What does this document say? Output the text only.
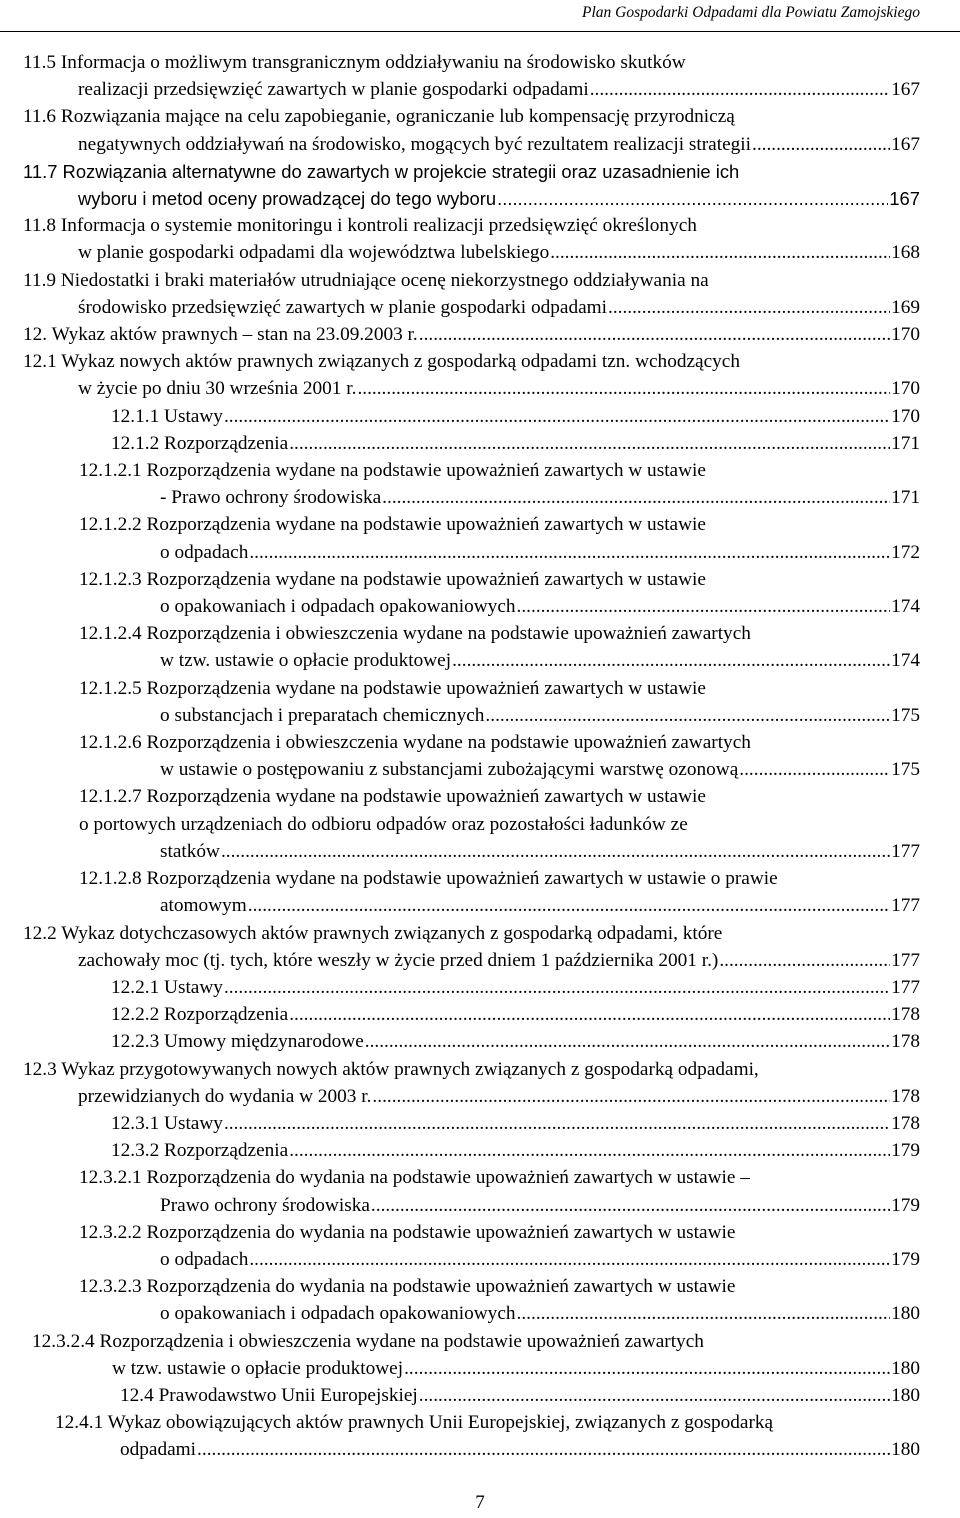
Plan Gospodarki Odpadami dla Powiatu Zamojskiego
11.5 Informacja o możliwym transgranicznym oddziaływaniu na środowisko skutków
realizacji przedsięwzięć zawartych w planie gospodarki odpadami .....	167
11.6 Rozwiązania mające na celu zapobieganie, ograniczanie lub kompensację przyrodniczą
negatywnych oddziaływań na środowisko, mogących być rezultatem realizacji strategii .....	167
11.7 Rozwiązania alternatywne do zawartych w projekcie strategii oraz uzasadnienie ich
wyboru i metod oceny prowadzącej do tego wyboru .....	167
11.8 Informacja o systemie monitoringu i kontroli realizacji przedsięwzięć określonych
w planie gospodarki odpadami dla województwa lubelskiego .....	168
11.9 Niedostatki i braki materiałów utrudniające ocenę niekorzystnego oddziaływania na
środowisko przedsięwzięć zawartych w planie gospodarki odpadami .....	169
12. Wykaz aktów prawnych – stan na 23.09.2003 r. .....	170
12.1 Wykaz nowych aktów prawnych związanych z gospodarką odpadami tzn. wchodzących
w życie po dniu 30 września 2001 r. .....	170
12.1.1 Ustawy .....	170
12.1.2 Rozporządzenia .....	171
12.1.2.1 Rozporządzenia wydane na podstawie upoważnień zawartych w ustawie
- Prawo ochrony środowiska .....	171
12.1.2.2 Rozporządzenia wydane na podstawie upoważnień zawartych w ustawie
o odpadach .....	172
12.1.2.3 Rozporządzenia wydane na podstawie upoważnień zawartych w ustawie
o opakowaniach i odpadach opakowaniowych .....	174
12.1.2.4 Rozporządzenia i obwieszczenia wydane na podstawie upoważnień zawartych
w tzw. ustawie o opłacie produktowej .....	174
12.1.2.5 Rozporządzenia wydane na podstawie upoważnień zawartych w ustawie
o substancjach i preparatach chemicznych .....	175
12.1.2.6 Rozporządzenia i obwieszczenia wydane na podstawie upoważnień zawartych
w ustawie o postępowaniu z substancjami zubożającymi warstwę ozonową .....	175
12.1.2.7 Rozporządzenia wydane na podstawie upoważnień zawartych w ustawie
o portowych urządzeniach do odbioru odpadów oraz pozostałości ładunków ze
statków .....	177
12.1.2.8 Rozporządzenia wydane na podstawie upoważnień zawartych w ustawie o prawie
atomowym .....	177
12.2 Wykaz dotychczasowych aktów prawnych związanych z gospodarką odpadami, które
zachowały moc (tj. tych, które weszły w życie przed dniem 1 października 2001 r.) .....	177
12.2.1 Ustawy .....	177
12.2.2 Rozporządzenia .....	178
12.2.3 Umowy międzynarodowe .....	178
12.3 Wykaz przygotowywanych nowych aktów prawnych związanych z gospodarką odpadami,
przewidzianych do wydania w 2003 r. .....	178
12.3.1 Ustawy .....	178
12.3.2 Rozporządzenia .....	179
12.3.2.1 Rozporządzenia do wydania na podstawie upoważnień zawartych w ustawie –
Prawo ochrony środowiska .....	179
12.3.2.2 Rozporządzenia do wydania na podstawie upoważnień zawartych w ustawie
o odpadach .....	179
12.3.2.3 Rozporządzenia do wydania na podstawie upoważnień zawartych w ustawie
o opakowaniach i odpadach opakowaniowych .....	180
12.3.2.4 Rozporządzenia i obwieszczenia wydane na podstawie upoważnień zawartych
w tzw. ustawie o opłacie produktowej .....	180
12.4 Prawodawstwo Unii Europejskiej .....	180
12.4.1 Wykaz obowiązujących aktów prawnych Unii Europejskiej, związanych z gospodarką
odpadami .....	180
7
